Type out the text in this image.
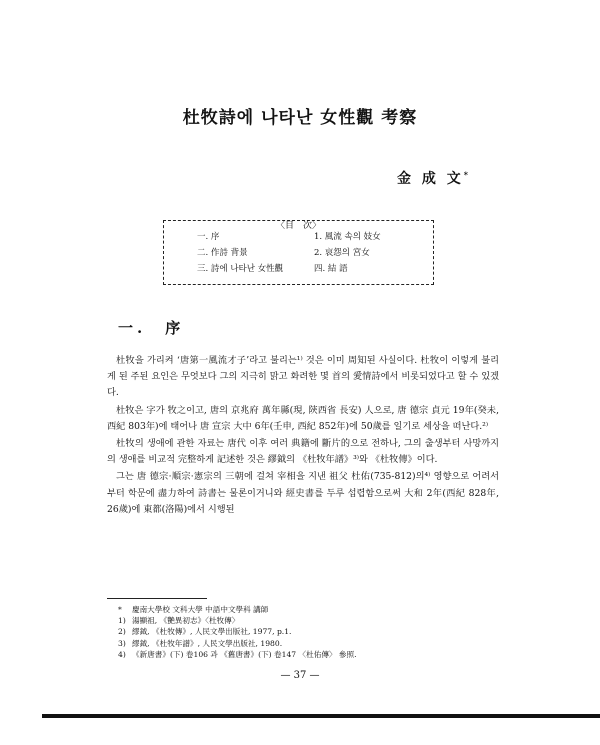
杜牧詩에 나타난 女性觀 考察
金 成 文*
〈目　次〉
一. 序	1. 風流 속의 妓女
二. 作詩 背景	2. 哀怨의 宮女
三. 詩에 나타난 女性觀	四. 結 語
一.　序

杜牧을 가리켜 ‘唐第一風流才子’라고 불리는¹⁾ 것은 이미 周知된 사실이다. 杜牧이 이렇게 불리게 된 주된 요인은 무엇보다 그의 지극히 맑고 화려한 몇 首의 愛情詩에서 비롯되었다고 할 수 있겠다.

杜牧은 字가 牧之이고, 唐의 京兆府 萬年縣(現, 陝西省 長安) 人으로, 唐 德宗 貞元 19年(癸未, 西紀 803年)에 태어나 唐 宣宗 大中 6年(壬申, 西紀 852年)에 50歲를 일기로 세상을 떠난다.²⁾

杜牧의 생애에 관한 자료는 唐代 이후 여러 典籍에 斷片的으로 전하나, 그의 출생부터 사망까지의 생애를 비교적 完整하게 記述한 것은 繆鉞의 《杜牧年譜》³⁾와 《杜牧傳》이다.

그는 唐 德宗·順宗·憲宗의 三朝에 걸쳐 宰相을 지낸 祖父 杜佑(735-812)의⁴⁾ 영향으로 어려서부터 학문에 盡力하여 詩書는 물론이거니와 經史書를 두루 섭렵함으로써 大和 2年(西紀 828年, 26歲)에 東都(洛陽)에서 시행된

*	慶南大學校 文科大學 中語中文學科 講師
1) 湯顯祖, 《艷異初志》〈杜牧傳〉
2) 繆鉞, 《杜牧傳》, 人民文學出版社, 1977, p.1.
3) 繆鉞, 《杜牧年譜》, 人民文學出版社, 1980.
4) 《新唐書》(下) 卷106 과 《舊唐書》(下) 卷147 〈杜佑傳〉 參照.
— 37 —
